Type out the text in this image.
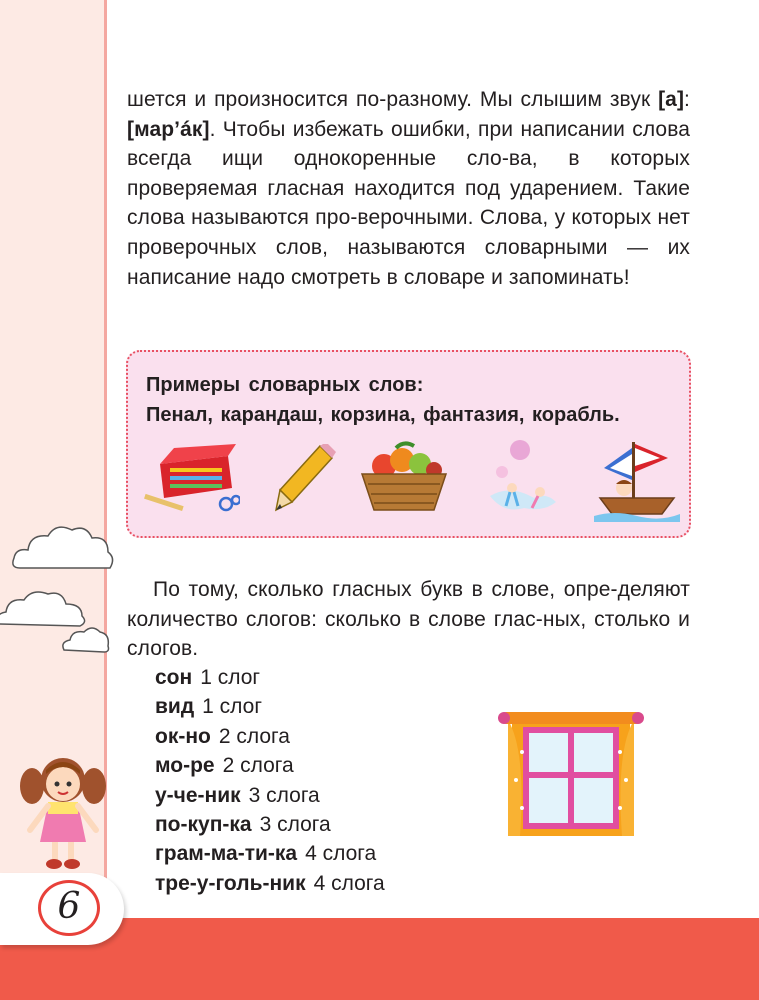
6

шется и произносится по-разному. Мы слышим звук [а]: [мар’áк]. Чтобы избежать ошибки, при написании слова всегда ищи однокоренные сло-ва, в которых проверяемая гласная находится под ударением. Такие слова называются про-верочными. Слова, у которых нет проверочных слов, называются словарными — их написание надо смотреть в словаре и запоминать!

Примеры словарных слов:
Пенал, карандаш, корзина, фантазия, корабль.

По тому, сколько гласных букв в слове, опре-деляют количество слогов: сколько в слове глас-ных, столько и слогов.

сон 1 слог
вид 1 слог
ок-но 2 слога
мо-ре 2 слога
у-че-ник 3 слога
по-куп-ка 3 слога
грам-ма-ти-ка 4 слога
тре-у-голь-ник 4 слога
